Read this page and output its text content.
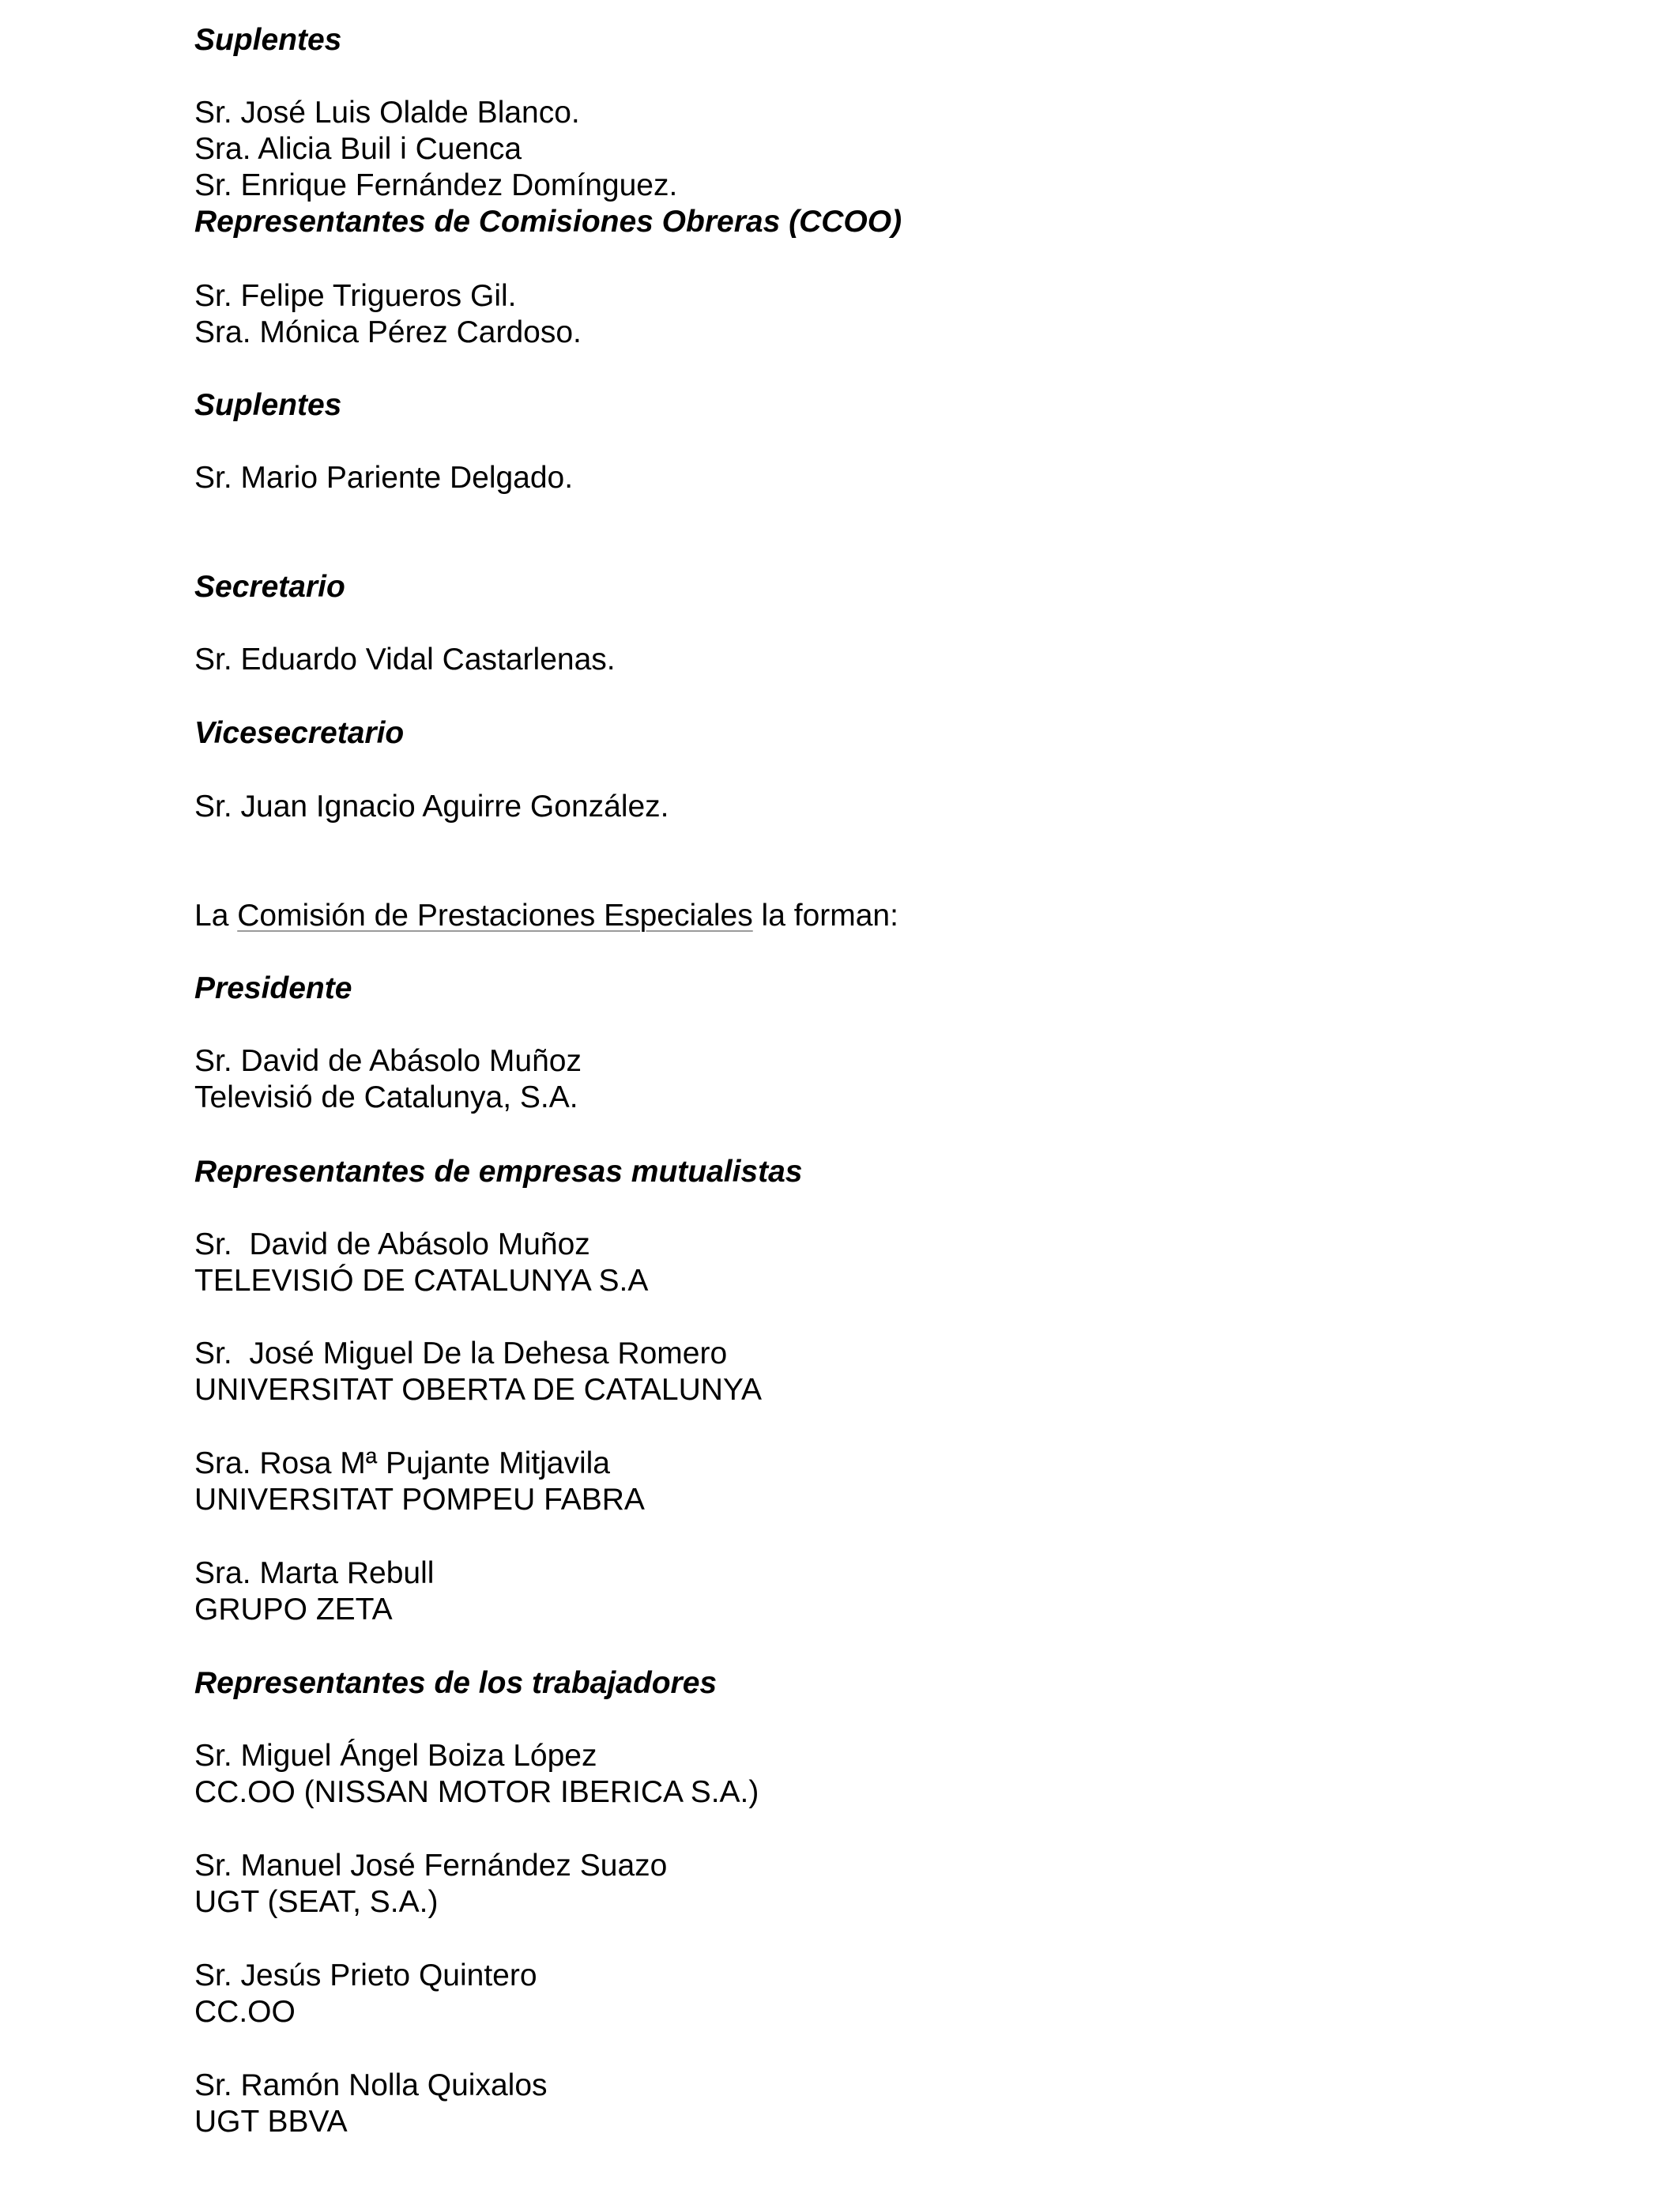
Suplentes
Sr. José Luis Olalde Blanco.
Sra. Alicia Buil i Cuenca
Sr. Enrique Fernández Domínguez.
Representantes de Comisiones Obreras (CCOO)
Sr. Felipe Trigueros Gil.
Sra. Mónica Pérez Cardoso.
Suplentes
Sr. Mario Pariente Delgado.
Secretario
Sr. Eduardo Vidal Castarlenas.
Vicesecretario
Sr. Juan Ignacio Aguirre González.
La Comisión de Prestaciones Especiales la forman:
Presidente
Sr. David de Abásolo Muñoz
Televisió de Catalunya, S.A.
Representantes de empresas mutualistas
Sr.  David de Abásolo Muñoz
TELEVISIÓ DE CATALUNYA S.A
Sr.  José Miguel De la Dehesa Romero
UNIVERSITAT OBERTA DE CATALUNYA
Sra. Rosa Mª Pujante Mitjavila
UNIVERSITAT POMPEU FABRA
Sra. Marta Rebull
GRUPO ZETA
Representantes de los trabajadores
Sr. Miguel Ángel Boiza López
CC.OO (NISSAN MOTOR IBERICA S.A.)
Sr. Manuel José Fernández Suazo
UGT (SEAT, S.A.)
Sr. Jesús Prieto Quintero
CC.OO
Sr. Ramón Nolla Quixalos
UGT BBVA
